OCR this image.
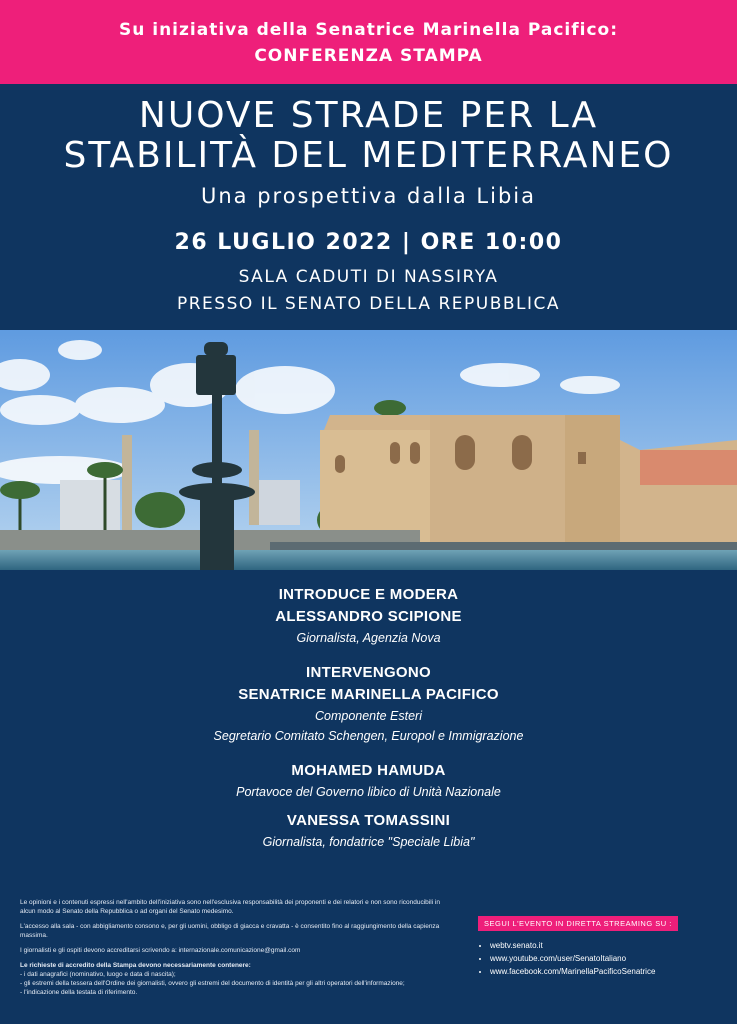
Su iniziativa della Senatrice Marinella Pacifico:
CONFERENZA STAMPA
NUOVE STRADE PER LA
STABILITÀ DEL MEDITERRANEO
Una prospettiva dalla Libia
26 LUGLIO 2022 | ORE 10:00
SALA CADUTI DI NASSIRYA
PRESSO IL SENATO DELLA REPUBBLICA
INTRODUCE E MODERA
ALESSANDRO SCIPIONE
Giornalista, Agenzia Nova
INTERVENGONO
SENATRICE MARINELLA PACIFICO
Componente Esteri
Segretario Comitato Schengen, Europol e Immigrazione
MOHAMED HAMUDA
Portavoce del Governo libico di Unità Nazionale
VANESSA TOMASSINI
Giornalista, fondatrice "Speciale Libia"

Le opinioni e i contenuti espressi nell'ambito dell'iniziativa sono nell'esclusiva responsabilità dei proponenti e dei relatori e non sono riconducibili in alcun modo al Senato della Repubblica o ad organi del Senato medesimo.

L'accesso alla sala - con abbigliamento consono e, per gli uomini, obbligo di giacca e cravatta - è consentito fino al raggiungimento della capienza massima.

I giornalisti e gli ospiti devono accreditarsi scrivendo a: internazionale.comunicazione@gmail.com

Le richieste di accredito della Stampa devono necessariamente contenere:
- i dati anagrafici (nominativo, luogo e data di nascita);
- gli estremi della tessera dell'Ordine dei giornalisti, ovvero gli estremi del documento di identità per gli altri operatori dell'informazione;
- l'indicazione della testata di riferimento.

SEGUI L'EVENTO IN DIRETTA STREAMING SU :
• webtv.senato.it
• www.youtube.com/user/SenatoItaliano
• www.facebook.com/MarinellaPacificoSenatrice
